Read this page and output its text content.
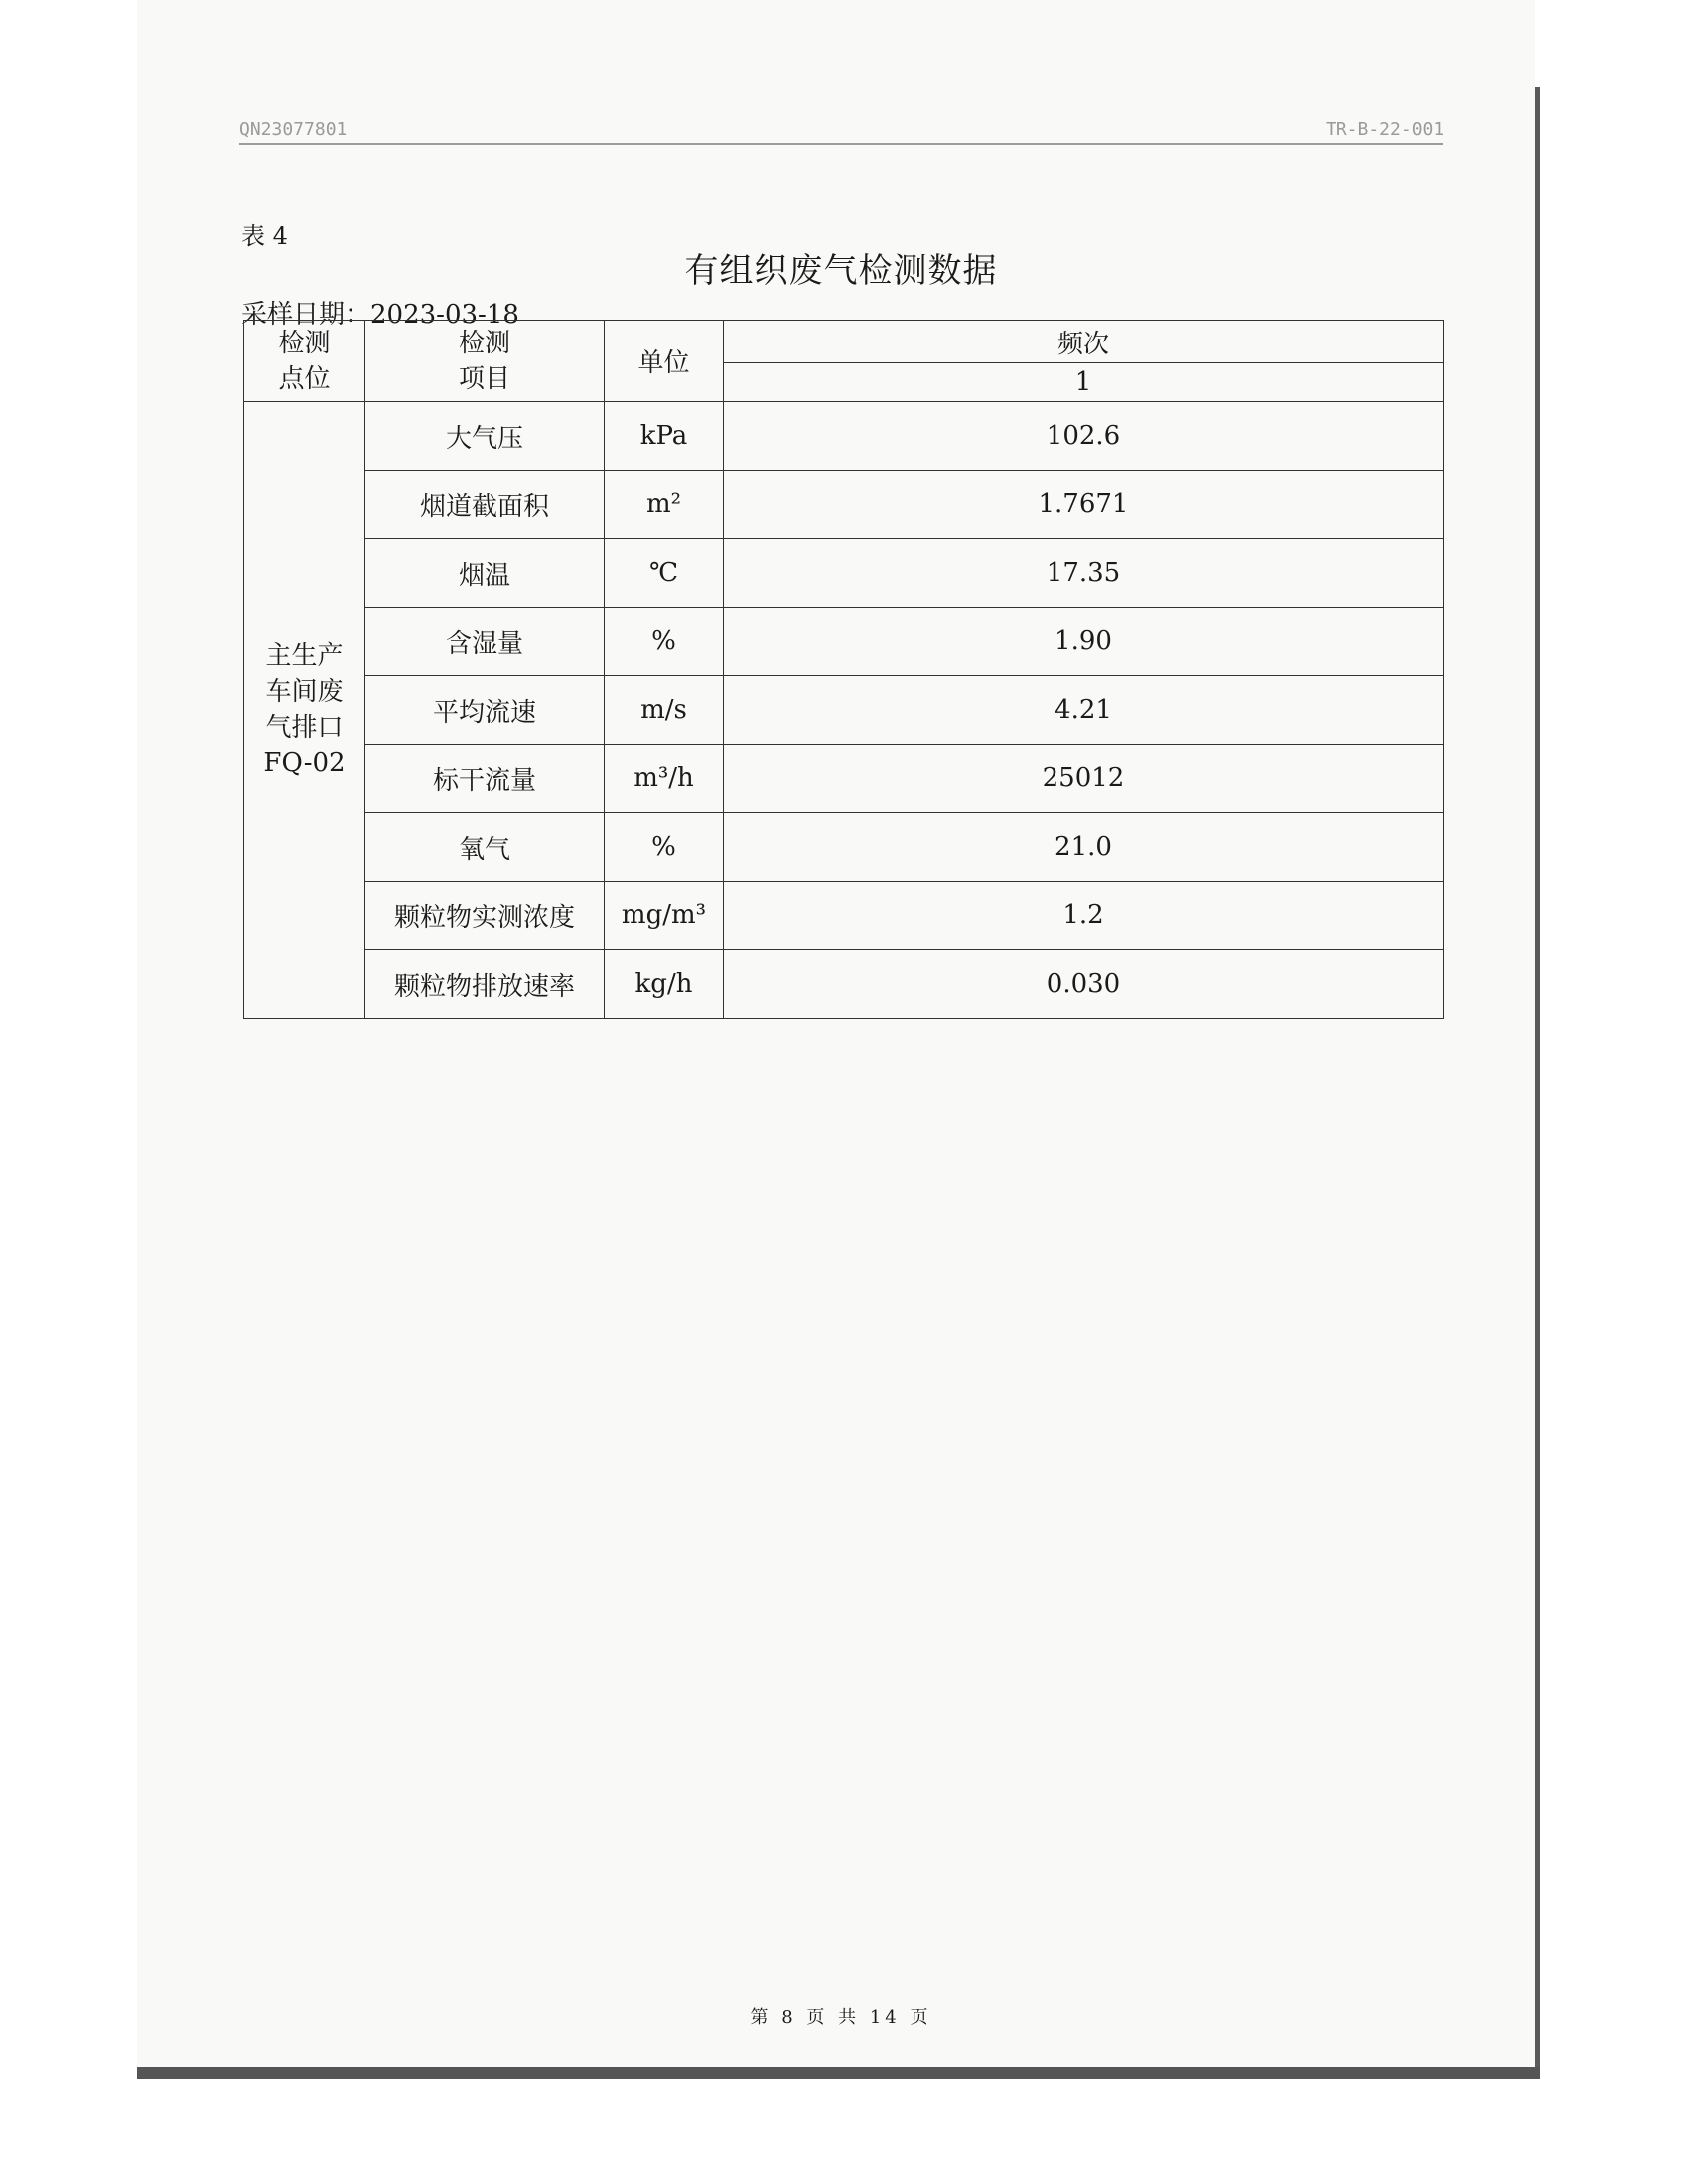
QN23077801	TR-B-22-001
表 4
有组织废气检测数据
采样日期：2023-03-18
检测
点位	检测
项目	单位	频次
			1

主生产
车间废
气排口
FQ-02	大气压	kPa	102.6
	烟道截面积	m²	1.7671
	烟温	℃	17.35
	含湿量	%	1.90
	平均流速	m/s	4.21
	标干流量	m³/h	25012
	氧气	%	21.0
	颗粒物实测浓度	mg/m³	1.2
	颗粒物排放速率	kg/h	0.030
第 8 页 共 14 页
